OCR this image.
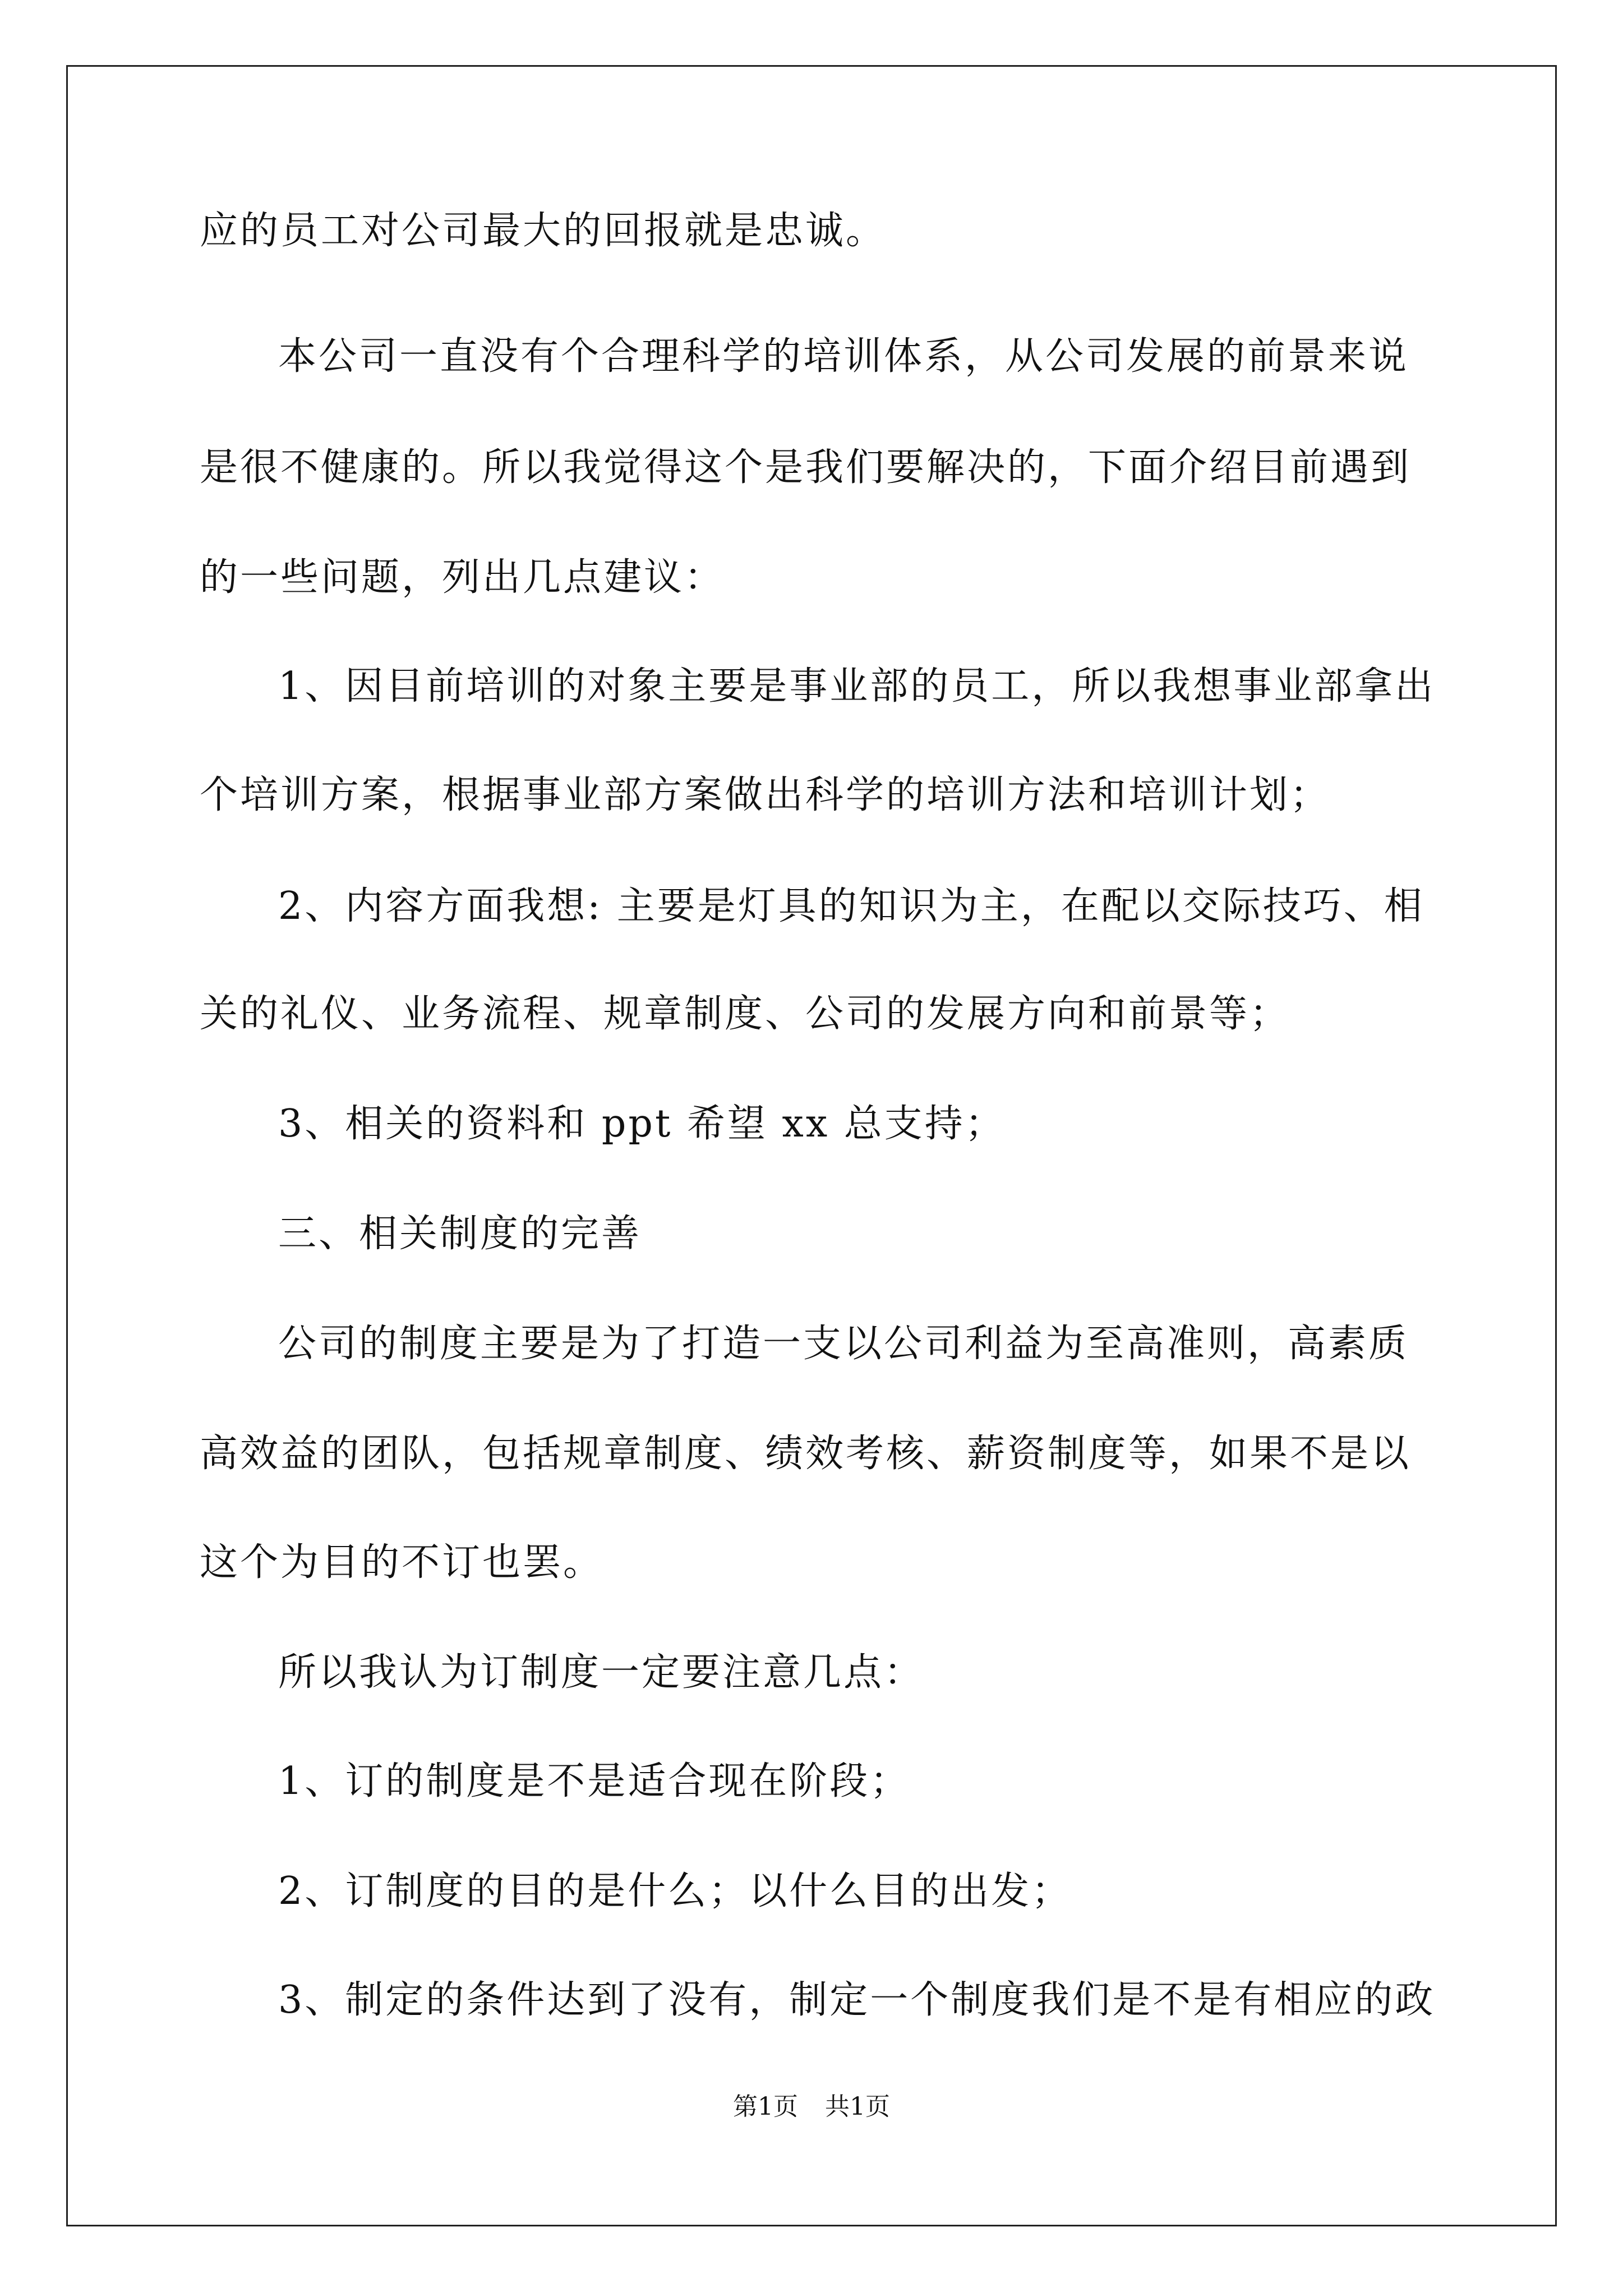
应的员工对公司最大的回报就是忠诚。
本公司一直没有个合理科学的培训体系，从公司发展的前景来说
是很不健康的。所以我觉得这个是我们要解决的，下面介绍目前遇到
的一些问题，列出几点建议：
1、因目前培训的对象主要是事业部的员工，所以我想事业部拿出
个培训方案，根据事业部方案做出科学的培训方法和培训计划；
2、内容方面我想: 主要是灯具的知识为主，在配以交际技巧、相
关的礼仪、业务流程、规章制度、公司的发展方向和前景等；
3、相关的资料和 ppt 希望 xx 总支持；
三、相关制度的完善
公司的制度主要是为了打造一支以公司利益为至高准则，高素质
高效益的团队，包括规章制度、绩效考核、薪资制度等，如果不是以
这个为目的不订也罢。
所以我认为订制度一定要注意几点：
1、订的制度是不是适合现在阶段；
2、订制度的目的是什么；以什么目的出发；
3、制定的条件达到了没有，制定一个制度我们是不是有相应的政
第1页 共1页
